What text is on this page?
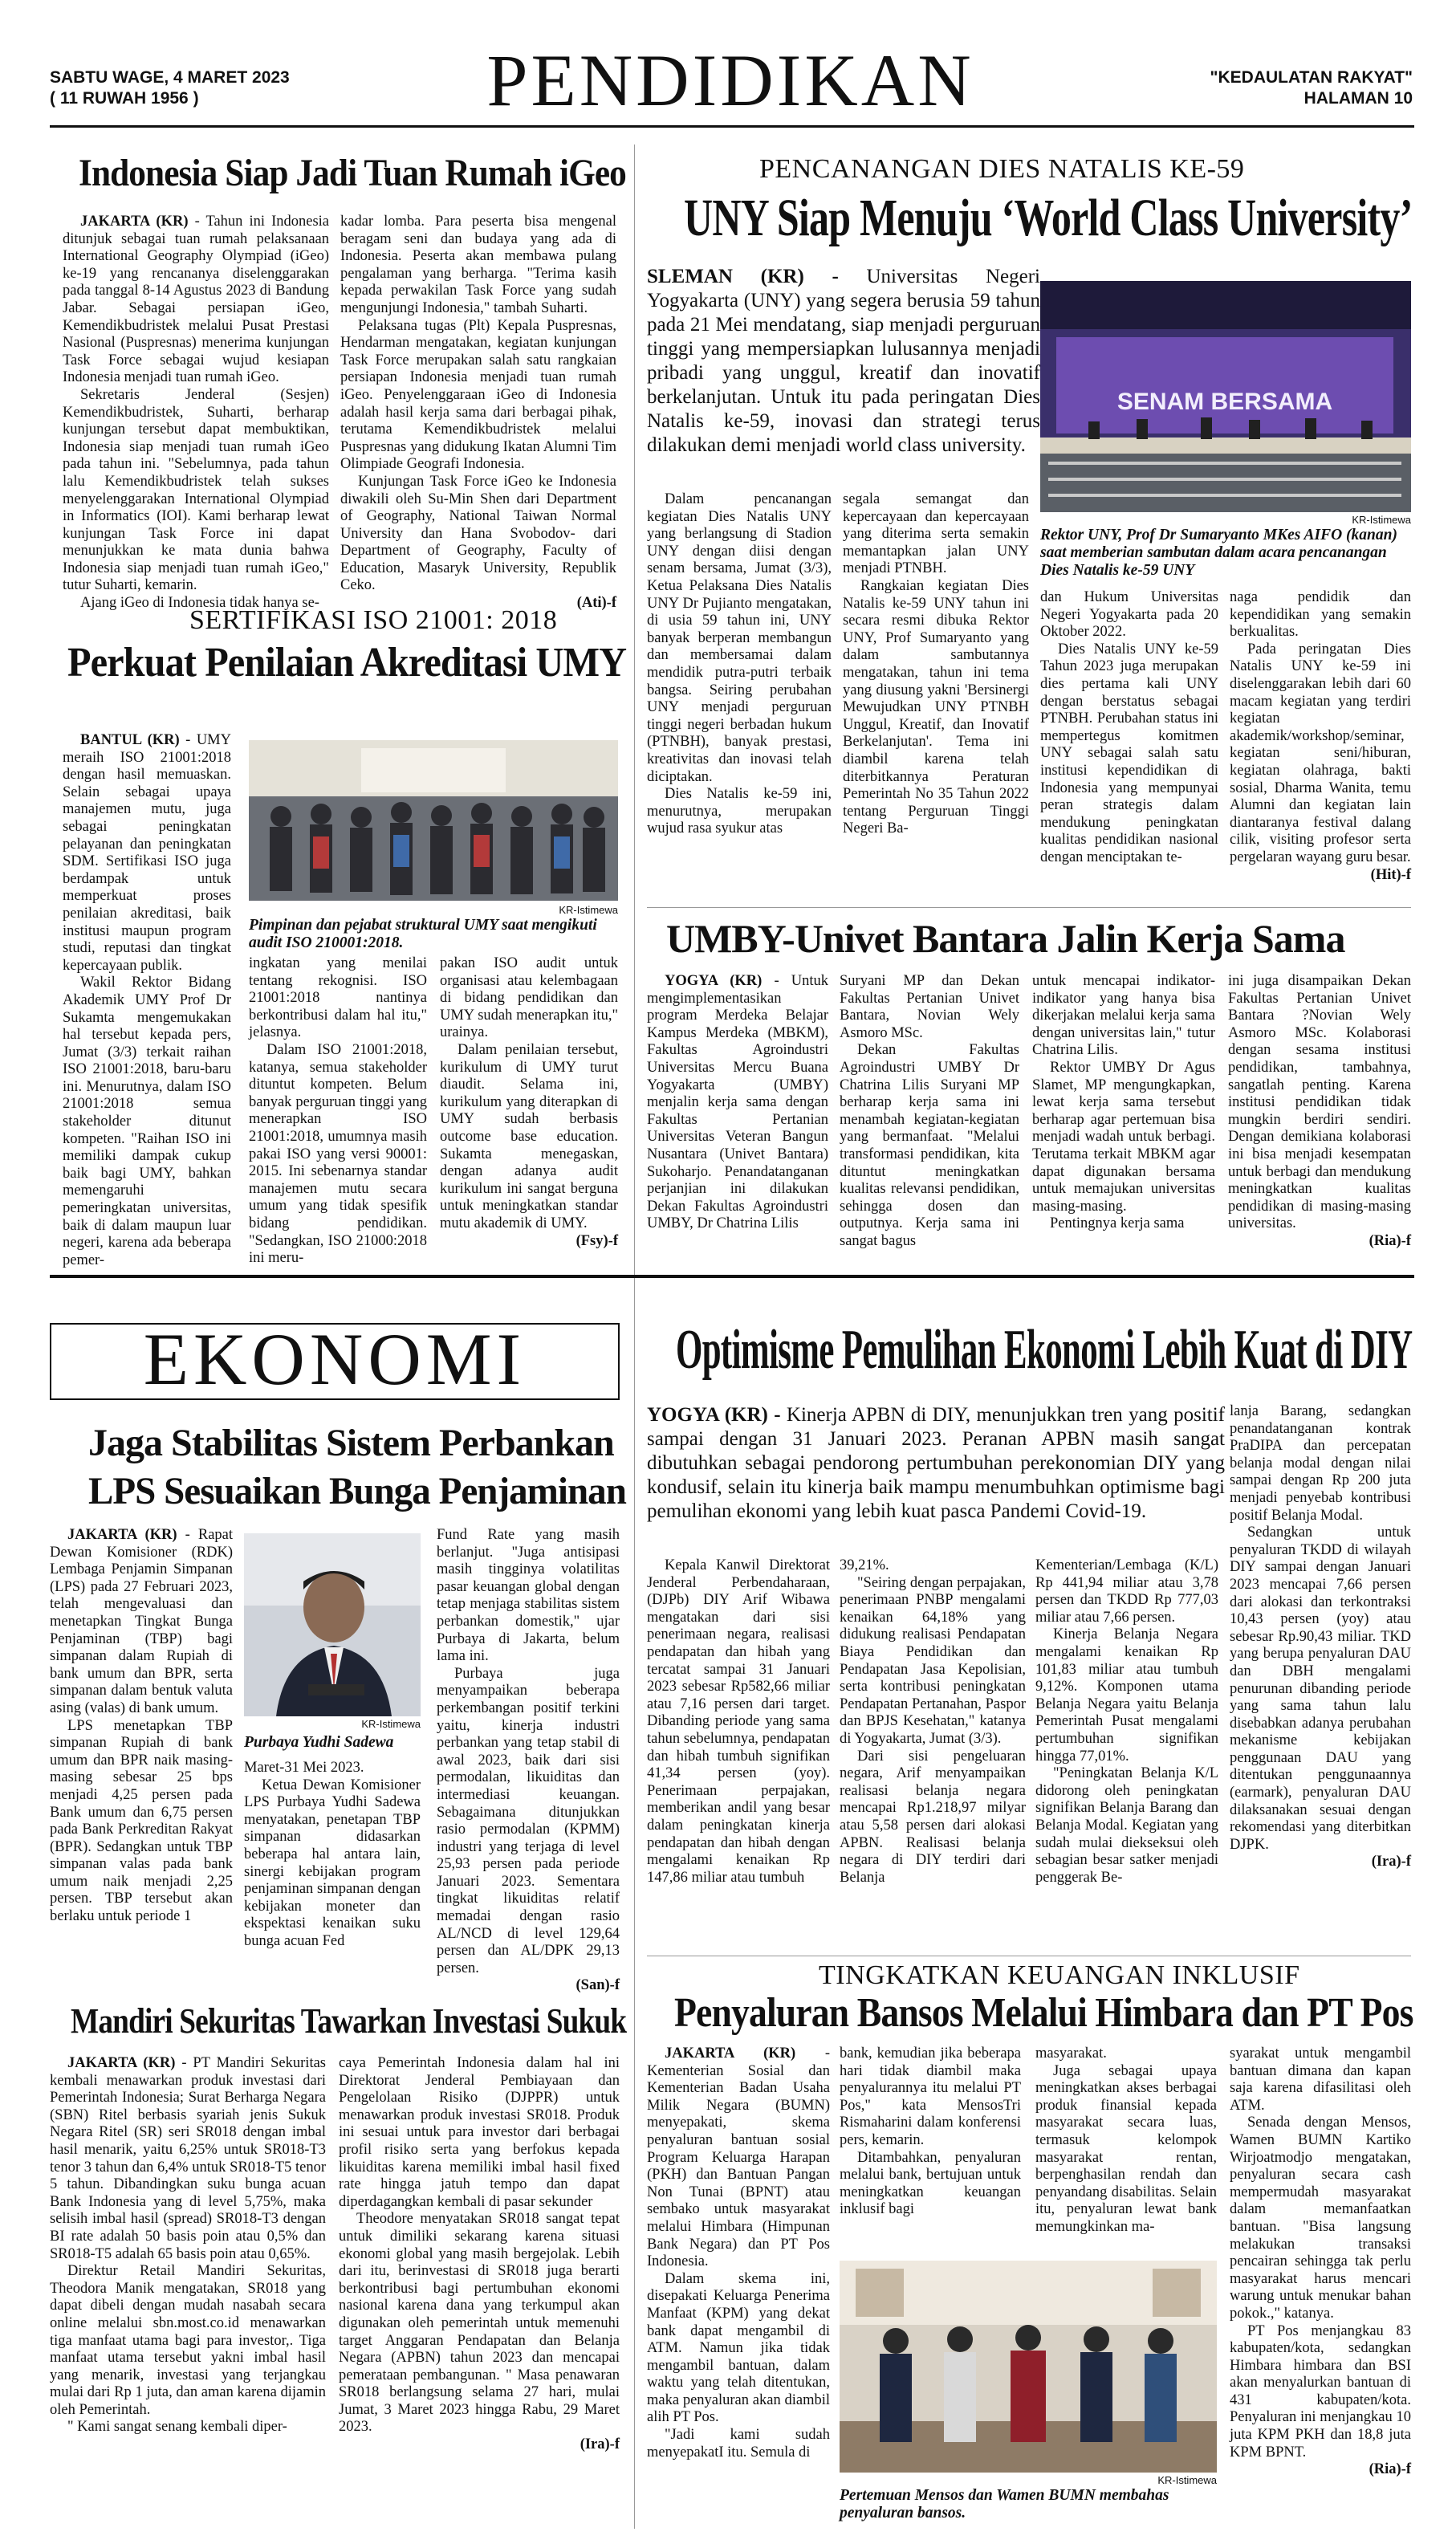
SABTU WAGE, 4 MARET 2023
( 11 RUWAH 1956 )	PENDIDIKAN	"KEDAULATAN RAKYAT"
HALAMAN 10
Indonesia Siap Jadi Tuan Rumah iGeo

JAKARTA (KR) - Tahun ini Indonesia ditunjuk sebagai tuan rumah pelaksanaan International Geography Olympiad (iGeo) ke-19 yang rencananya diselenggarakan pada tanggal 8-14 Agustus 2023 di Bandung Jabar. Sebagai persiapan iGeo, Kemendikbudristek melalui Pusat Prestasi Nasional (Puspresnas) menerima kunjungan Task Force sebagai wujud kesiapan Indonesia menjadi tuan rumah iGeo.

Sekretaris Jenderal (Sesjen) Kemendikbudristek, Suharti, berharap kunjungan tersebut dapat membuktikan, Indonesia siap menjadi tuan rumah iGeo pada tahun ini. "Sebelumnya, pada tahun lalu Kemendikbudristek telah sukses menyelenggarakan International Olympiad in Informatics (IOI). Kami berharap lewat kunjungan Task Force ini dapat menunjukkan ke mata dunia bahwa Indonesia siap menjadi tuan rumah iGeo," tutur Suharti, kemarin.

Ajang iGeo di Indonesia tidak hanya se-

kadar lomba. Para peserta bisa mengenal beragam seni dan budaya yang ada di Indonesia. Peserta akan membawa pulang pengalaman yang berharga. "Terima kasih kepada perwakilan Task Force yang sudah mengunjungi Indonesia," tambah Suharti.

Pelaksana tugas (Plt) Kepala Puspresnas, Hendarman mengatakan, kegiatan kunjungan Task Force merupakan salah satu rangkaian persiapan Indonesia menjadi tuan rumah iGeo. Penyelenggaraan iGeo di Indonesia adalah hasil kerja sama dari berbagai pihak, terutama Kemendikbudristek melalui Puspresnas yang didukung Ikatan Alumni Tim Olimpiade Geografi Indonesia.

Kunjungan Task Force iGeo ke Indonesia diwakili oleh Su-Min Shen dari Department of Geography, National Taiwan Normal University dan Hana Svobodov- dari Department of Geography, Faculty of Education, Masaryk University, Republik Ceko.

(Ati)-f

SERTIFIKASI ISO 21001: 2018
Perkuat Penilaian Akreditasi UMY

BANTUL (KR) - UMY meraih ISO 21001:2018 dengan hasil memuaskan. Selain sebagai upaya manajemen mutu, juga sebagai peningkatan pelayanan dan peningkatan SDM. Sertifikasi ISO juga berdampak untuk memperkuat proses penilaian akreditasi, baik institusi maupun program studi, reputasi dan tingkat kepercayaan publik.

Wakil Rektor Bidang Akademik UMY Prof Dr Sukamta mengemukakan hal tersebut kepada pers, Jumat (3/3) terkait raihan ISO 21001:2018, baru-baru ini. Menurutnya, dalam ISO 21001:2018 semua stakeholder ditunut kompeten. "Raihan ISO ini memiliki dampak cukup baik bagi UMY, bahkan memengaruhi pemeringkatan universitas, baik di dalam maupun luar negeri, karena ada beberapa pemer-

KR-Istimewa
Pimpinan dan pejabat struktural UMY saat mengikuti audit ISO 210001:2018.

ingkatan yang menilai tentang rekognisi. ISO 21001:2018 nantinya berkontribusi dalam hal itu," jelasnya.

Dalam ISO 21001:2018, katanya, semua stakeholder dituntut kompeten. Belum banyak perguruan tinggi yang menerapkan ISO 21001:2018, umumnya masih pakai ISO yang versi 90001: 2015. Ini sebenarnya standar manajemen mutu secara umum yang tidak spesifik bidang pendidikan. "Sedangkan, ISO 21000:2018 ini meru-

pakan ISO audit untuk organisasi atau kelembagaan di bidang pendidikan dan UMY sudah menerapkan itu," urainya.

Dalam penilaian tersebut, kurikulum di UMY turut diaudit. Selama ini, kurikulum yang diterapkan di UMY sudah berbasis outcome base education. Sukamta menegaskan, dengan adanya audit kurikulum ini sangat berguna untuk meningkatkan standar mutu akademik di UMY.

(Fsy)-f

PENCANANGAN DIES NATALIS KE-59
UNY Siap Menuju ‘World Class University’
SLEMAN (KR) - Universitas Negeri Yogyakarta (UNY) yang segera berusia 59 tahun pada 21 Mei mendatang, siap menjadi perguruan tinggi yang mempersiapkan lulusannya menjadi pribadi yang unggul, kreatif dan inovatif berkelanjutan. Untuk itu pada peringatan Dies Natalis ke-59, inovasi dan strategi terus dilakukan demi menjadi world class university.
SENAM BERSAMA
KR-Istimewa
Rektor UNY, Prof Dr Sumaryanto MKes AIFO (kanan) saat memberian sambutan dalam acara pencanangan Dies Natalis ke-59 UNY

Dalam pencanangan kegiatan Dies Natalis UNY yang berlangsung di Stadion UNY dengan diisi dengan senam bersama, Jumat (3/3), Ketua Pelaksana Dies Natalis UNY Dr Pujianto mengatakan, di usia 59 tahun ini, UNY banyak berperan membangun dan membersamai dalam mendidik putra-putri terbaik bangsa. Seiring perubahan UNY menjadi perguruan tinggi negeri berbadan hukum (PTNBH), banyak prestasi, kreativitas dan inovasi telah diciptakan.

Dies Natalis ke-59 ini, menurutnya, merupakan wujud rasa syukur atas

segala semangat dan kepercayaan dan kepercayaan yang diterima serta semakin memantapkan jalan UNY menjadi PTNBH.

Rangkaian kegiatan Dies Natalis ke-59 UNY tahun ini secara resmi dibuka Rektor UNY, Prof Sumaryanto yang dalam sambutannya mengatakan, tahun ini tema yang diusung yakni 'Bersinergi Mewujudkan UNY PTNBH Unggul, Kreatif, dan Inovatif Berkelanjutan'. Tema ini diambil karena telah diterbitkannya Peraturan Pemerintah No 35 Tahun 2022 tentang Perguruan Tinggi Negeri Ba-

dan Hukum Universitas Negeri Yogyakarta pada 20 Oktober 2022.

Dies Natalis UNY ke-59 Tahun 2023 juga merupakan dies pertama kali UNY dengan berstatus sebagai PTNBH. Perubahan status ini mempertegus komitmen UNY sebagai salah satu institusi kependidikan di Indonesia yang mempunyai peran strategis dalam mendukung peningkatan kualitas pendidikan nasional dengan menciptakan te-

naga pendidik dan kependidikan yang semakin berkualitas.

Pada peringatan Dies Natalis UNY ke-59 ini diselenggarakan lebih dari 60 macam kegiatan yang terdiri kegiatan akademik/workshop/seminar, kegiatan seni/hiburan, kegiatan olahraga, bakti sosial, Dharma Wanita, temu Alumni dan kegiatan lain diantaranya festival dalang cilik, visiting profesor serta pergelaran wayang guru besar.

(Hit)-f

UMBY-Univet Bantara Jalin Kerja Sama

YOGYA (KR) - Untuk mengimplementasikan program Merdeka Belajar Kampus Merdeka (MBKM), Fakultas Agroindustri Universitas Mercu Buana Yogyakarta (UMBY) menjalin kerja sama dengan Fakultas Pertanian Universitas Veteran Bangun Nusantara (Univet Bantara) Sukoharjo. Penandatanganan perjanjian ini dilakukan Dekan Fakultas Agroindustri UMBY, Dr Chatrina Lilis

Suryani MP dan Dekan Fakultas Pertanian Univet Bantara, Novian Wely Asmoro MSc.

Dekan Fakultas Agroindustri UMBY Dr Chatrina Lilis Suryani MP berharap kerja sama ini menambah kegiatan-kegiatan yang bermanfaat. "Melalui transformasi pendidikan, kita dituntut meningkatkan kualitas relevansi pendidikan, sehingga dosen dan outputnya. Kerja sama ini sangat bagus

untuk mencapai indikator-indikator yang hanya bisa dikerjakan melalui kerja sama dengan universitas lain," tutur Chatrina Lilis.

Rektor UMBY Dr Agus Slamet, MP mengungkapkan, lewat kerja sama tersebut berharap agar pertemuan bisa menjadi wadah untuk berbagi. Terutama terkait MBKM agar dapat digunakan bersama untuk memajukan universitas masing-masing.

Pentingnya kerja sama

ini juga disampaikan Dekan Fakultas Pertanian Univet Bantara ?Novian Wely Asmoro MSc. Kolaborasi dengan sesama institusi pendidikan, tambahnya, sangatlah penting. Karena institusi pendidikan tidak mungkin berdiri sendiri. Dengan demikiana kolaborasi ini bisa menjadi kesempatan untuk berbagi dan mendukung meningkatkan kualitas pendidikan di masing-masing universitas.

(Ria)-f

EKONOMI
Jaga Stabilitas Sistem Perbankan
LPS Sesuaikan Bunga Penjaminan

JAKARTA (KR) - Rapat Dewan Komisioner (RDK) Lembaga Penjamin Simpanan (LPS) pada 27 Februari 2023, telah mengevaluasi dan menetapkan Tingkat Bunga Penjaminan (TBP) bagi simpanan dalam Rupiah di bank umum dan BPR, serta simpanan dalam bentuk valuta asing (valas) di bank umum.

LPS menetapkan TBP simpanan Rupiah di bank umum dan BPR naik masing-masing sebesar 25 bps menjadi 4,25 persen pada Bank umum dan 6,75 persen pada Bank Perkreditan Rakyat (BPR). Sedangkan untuk TBP simpanan valas pada bank umum naik menjadi 2,25 persen. TBP tersebut akan berlaku untuk periode 1

KR-Istimewa
Purbaya Yudhi Sadewa

Maret-31 Mei 2023.

Ketua Dewan Komisioner LPS Purbaya Yudhi Sadewa menyatakan, penetapan TBP simpanan didasarkan beberapa hal antara lain, sinergi kebijakan program penjaminan simpanan dengan kebijakan moneter dan ekspektasi kenaikan suku bunga acuan Fed

Fund Rate yang masih berlanjut. "Juga antisipasi masih tingginya volatilitas pasar keuangan global dengan tetap menjaga stabilitas sistem perbankan domestik," ujar Purbaya di Jakarta, belum lama ini.

Purbaya juga menyampaikan beberapa perkembangan positif terkini yaitu, kinerja industri perbankan yang tetap stabil di awal 2023, baik dari sisi permodalan, likuiditas dan intermediasi keuangan. Sebagaimana ditunjukkan rasio permodalan (KPMM) industri yang terjaga di level 25,93 persen pada periode Januari 2023. Sementara tingkat likuiditas relatif memadai dengan rasio AL/NCD di level 129,64 persen dan AL/DPK 29,13 persen.

(San)-f

Mandiri Sekuritas Tawarkan Investasi Sukuk

JAKARTA (KR) - PT Mandiri Sekuritas kembali menawarkan produk investasi dari Pemerintah Indonesia; Surat Berharga Negara (SBN) Ritel berbasis syariah jenis Sukuk Negara Ritel (SR) seri SR018 dengan imbal hasil menarik, yaitu 6,25% untuk SR018-T3 tenor 3 tahun dan 6,4% untuk SR018-T5 tenor 5 tahun. Dibandingkan suku bunga acuan Bank Indonesia yang di level 5,75%, maka selisih imbal hasil (spread) SR018-T3 dengan BI rate adalah 50 basis poin atau 0,5% dan SR018-T5 adalah 65 basis poin atau 0,65%.

Direktur Retail Mandiri Sekuritas, Theodora Manik mengatakan, SR018 yang dapat dibeli dengan mudah nasabah secara online melalui sbn.most.co.id menawarkan tiga manfaat utama bagi para investor,. Tiga manfaat utama tersebut yakni imbal hasil yang menarik, investasi yang terjangkau mulai dari Rp 1 juta, dan aman karena dijamin oleh Pemerintah.

" Kami sangat senang kembali diper-

caya Pemerintah Indonesia dalam hal ini Direktorat Jenderal Pembiayaan dan Pengelolaan Risiko (DJPPR) untuk menawarkan produk investasi SR018. Produk ini sesuai untuk para investor dari berbagai profil risiko serta yang berfokus kepada likuiditas karena memiliki imbal hasil fixed rate hingga jatuh tempo dan dapat diperdagangkan kembali di pasar sekunder

Theodore menyatakan SR018 sangat tepat untuk dimiliki sekarang karena situasi ekonomi global yang masih bergejolak. Lebih dari itu, berinvestasi di SR018 juga berarti berkontribusi bagi pertumbuhan ekonomi nasional karena dana yang terkumpul akan digunakan oleh pemerintah untuk memenuhi target Anggaran Pendapatan dan Belanja Negara (APBN) tahun 2023 dan mencapai pemerataan pembangunan. " Masa penawaran SR018 berlangsung selama 27 hari, mulai Jumat, 3 Maret 2023 hingga Rabu, 29 Maret 2023.

(Ira)-f

Optimisme Pemulihan Ekonomi Lebih Kuat di DIY
YOGYA (KR) - Kinerja APBN di DIY, menunjukkan tren yang positif sampai dengan 31 Januari 2023. Peranan APBN masih sangat dibutuhkan sebagai pendorong pertumbuhan perekonomian DIY yang kondusif, selain itu kinerja baik mampu menumbuhkan optimisme bagi pemulihan ekonomi yang lebih kuat pasca Pandemi Covid-19.

Kepala Kanwil Direktorat Jenderal Perbendaharaan, (DJPb) DIY Arif Wibawa mengatakan dari sisi penerimaan negara, realisasi pendapatan dan hibah yang tercatat sampai 31 Januari 2023 sebesar Rp582,66 miliar atau 7,16 persen dari target. Dibanding periode yang sama tahun sebelumnya, pendapatan dan hibah tumbuh signifikan 41,34 persen (yoy). Penerimaan perpajakan, memberikan andil yang besar dalam peningkatan kinerja pendapatan dan hibah dengan mengalami kenaikan Rp 147,86 miliar atau tumbuh

39,21%.

"Seiring dengan perpajakan, penerimaan PNBP mengalami kenaikan 64,18% yang didukung realisasi Pendapatan Biaya Pendidikan dan Pendapatan Jasa Kepolisian, serta kontribusi peningkatan Pendapatan Pertanahan, Paspor dan BPJS Kesehatan," katanya di Yogyakarta, Jumat (3/3).

Dari sisi pengeluaran negara, Arif menyampaikan realisasi belanja negara mencapai Rp1.218,97 milyar atau 5,58 persen dari alokasi APBN. Realisasi belanja negara di DIY terdiri dari Belanja

Kementerian/Lembaga (K/L) Rp 441,94 miliar atau 3,78 persen dan TKDD Rp 777,03 miliar atau 7,66 persen.

Kinerja Belanja Negara mengalami kenaikan Rp 101,83 miliar atau tumbuh 9,12%. Komponen utama Belanja Negara yaitu Belanja Pemerintah Pusat mengalami pertumbuhan signifikan hingga 77,01%.

"Peningkatan Belanja K/L didorong oleh peningkatan signifikan Belanja Barang dan Belanja Modal. Kegiatan yang sudah mulai diekseksui oleh sebagian besar satker menjadi penggerak Be-

lanja Barang, sedangkan penandatanganan kontrak PraDIPA dan percepatan belanja modal dengan nilai sampai dengan Rp 200 juta menjadi penyebab kontribusi positif Belanja Modal.

Sedangkan untuk penyaluran TKDD di wilayah DIY sampai dengan Januari 2023 mencapai 7,66 persen dari alokasi dan terkontraksi 10,43 persen (yoy) atau sebesar Rp.90,43 miliar. TKD yang berupa penyaluran DAU dan DBH mengalami penurunan dibanding periode yang sama tahun lalu disebabkan adanya perubahan mekanisme kebijakan penggunaan DAU yang ditentukan penggunaannya (earmark), penyaluran DAU dilaksanakan sesuai dengan rekomendasi yang diterbitkan DJPK.

(Ira)-f

TINGKATKAN KEUANGAN INKLUSIF
Penyaluran Bansos Melalui Himbara dan PT Pos

JAKARTA (KR) - Kementerian Sosial dan Kementerian Badan Usaha Milik Negara (BUMN) menyepakati, skema penyaluran bantuan sosial Program Keluarga Harapan (PKH) dan Bantuan Pangan Non Tunai (BPNT) atau sembako untuk masyarakat melalui Himbara (Himpunan Bank Negara) dan PT Pos Indonesia.

Dalam skema ini, disepakati Keluarga Penerima Manfaat (KPM) yang dekat bank dapat mengambil di ATM. Namun jika tidak mengambil bantuan, dalam waktu yang telah ditentukan, maka penyaluran akan diambil alih PT Pos.

"Jadi kami sudah menyepakatI itu. Semula di

bank, kemudian jika beberapa hari tidak diambil maka penyalurannya itu melalui PT Pos," kata MensosTri Rismaharini dalam konferensi pers, kemarin.

Ditambahkan, penyaluran melalui bank, bertujuan untuk meningkatkan keuangan inklusif bagi

masyarakat.

Juga sebagai upaya meningkatkan akses berbagai produk finansial kepada masyarakat secara luas, termasuk kelompok masyarakat rentan, berpenghasilan rendah dan penyandang disabilitas. Selain itu, penyaluran lewat bank memungkinkan ma-

KR-Istimewa
Pertemuan Mensos dan Wamen BUMN membahas penyaluran bansos.

syarakat untuk mengambil bantuan dimana dan kapan saja karena difasilitasi oleh ATM.

Senada dengan Mensos, Wamen BUMN Kartiko Wirjoatmodjo mengatakan, penyaluran secara cash mempermudah masyarakat dalam memanfaatkan bantuan. "Bisa langsung melakukan transaksi pencairan sehingga tak perlu masyarakat harus mencari warung untuk menukar bahan pokok.," katanya.

PT Pos menjangkau 83 kabupaten/kota, sedangkan Himbara himbara dan BSI akan menyalurkan bantuan di 431 kabupaten/kota. Penyaluran ini menjangkau 10 juta KPM PKH dan 18,8 juta KPM BPNT.

(Ria)-f
